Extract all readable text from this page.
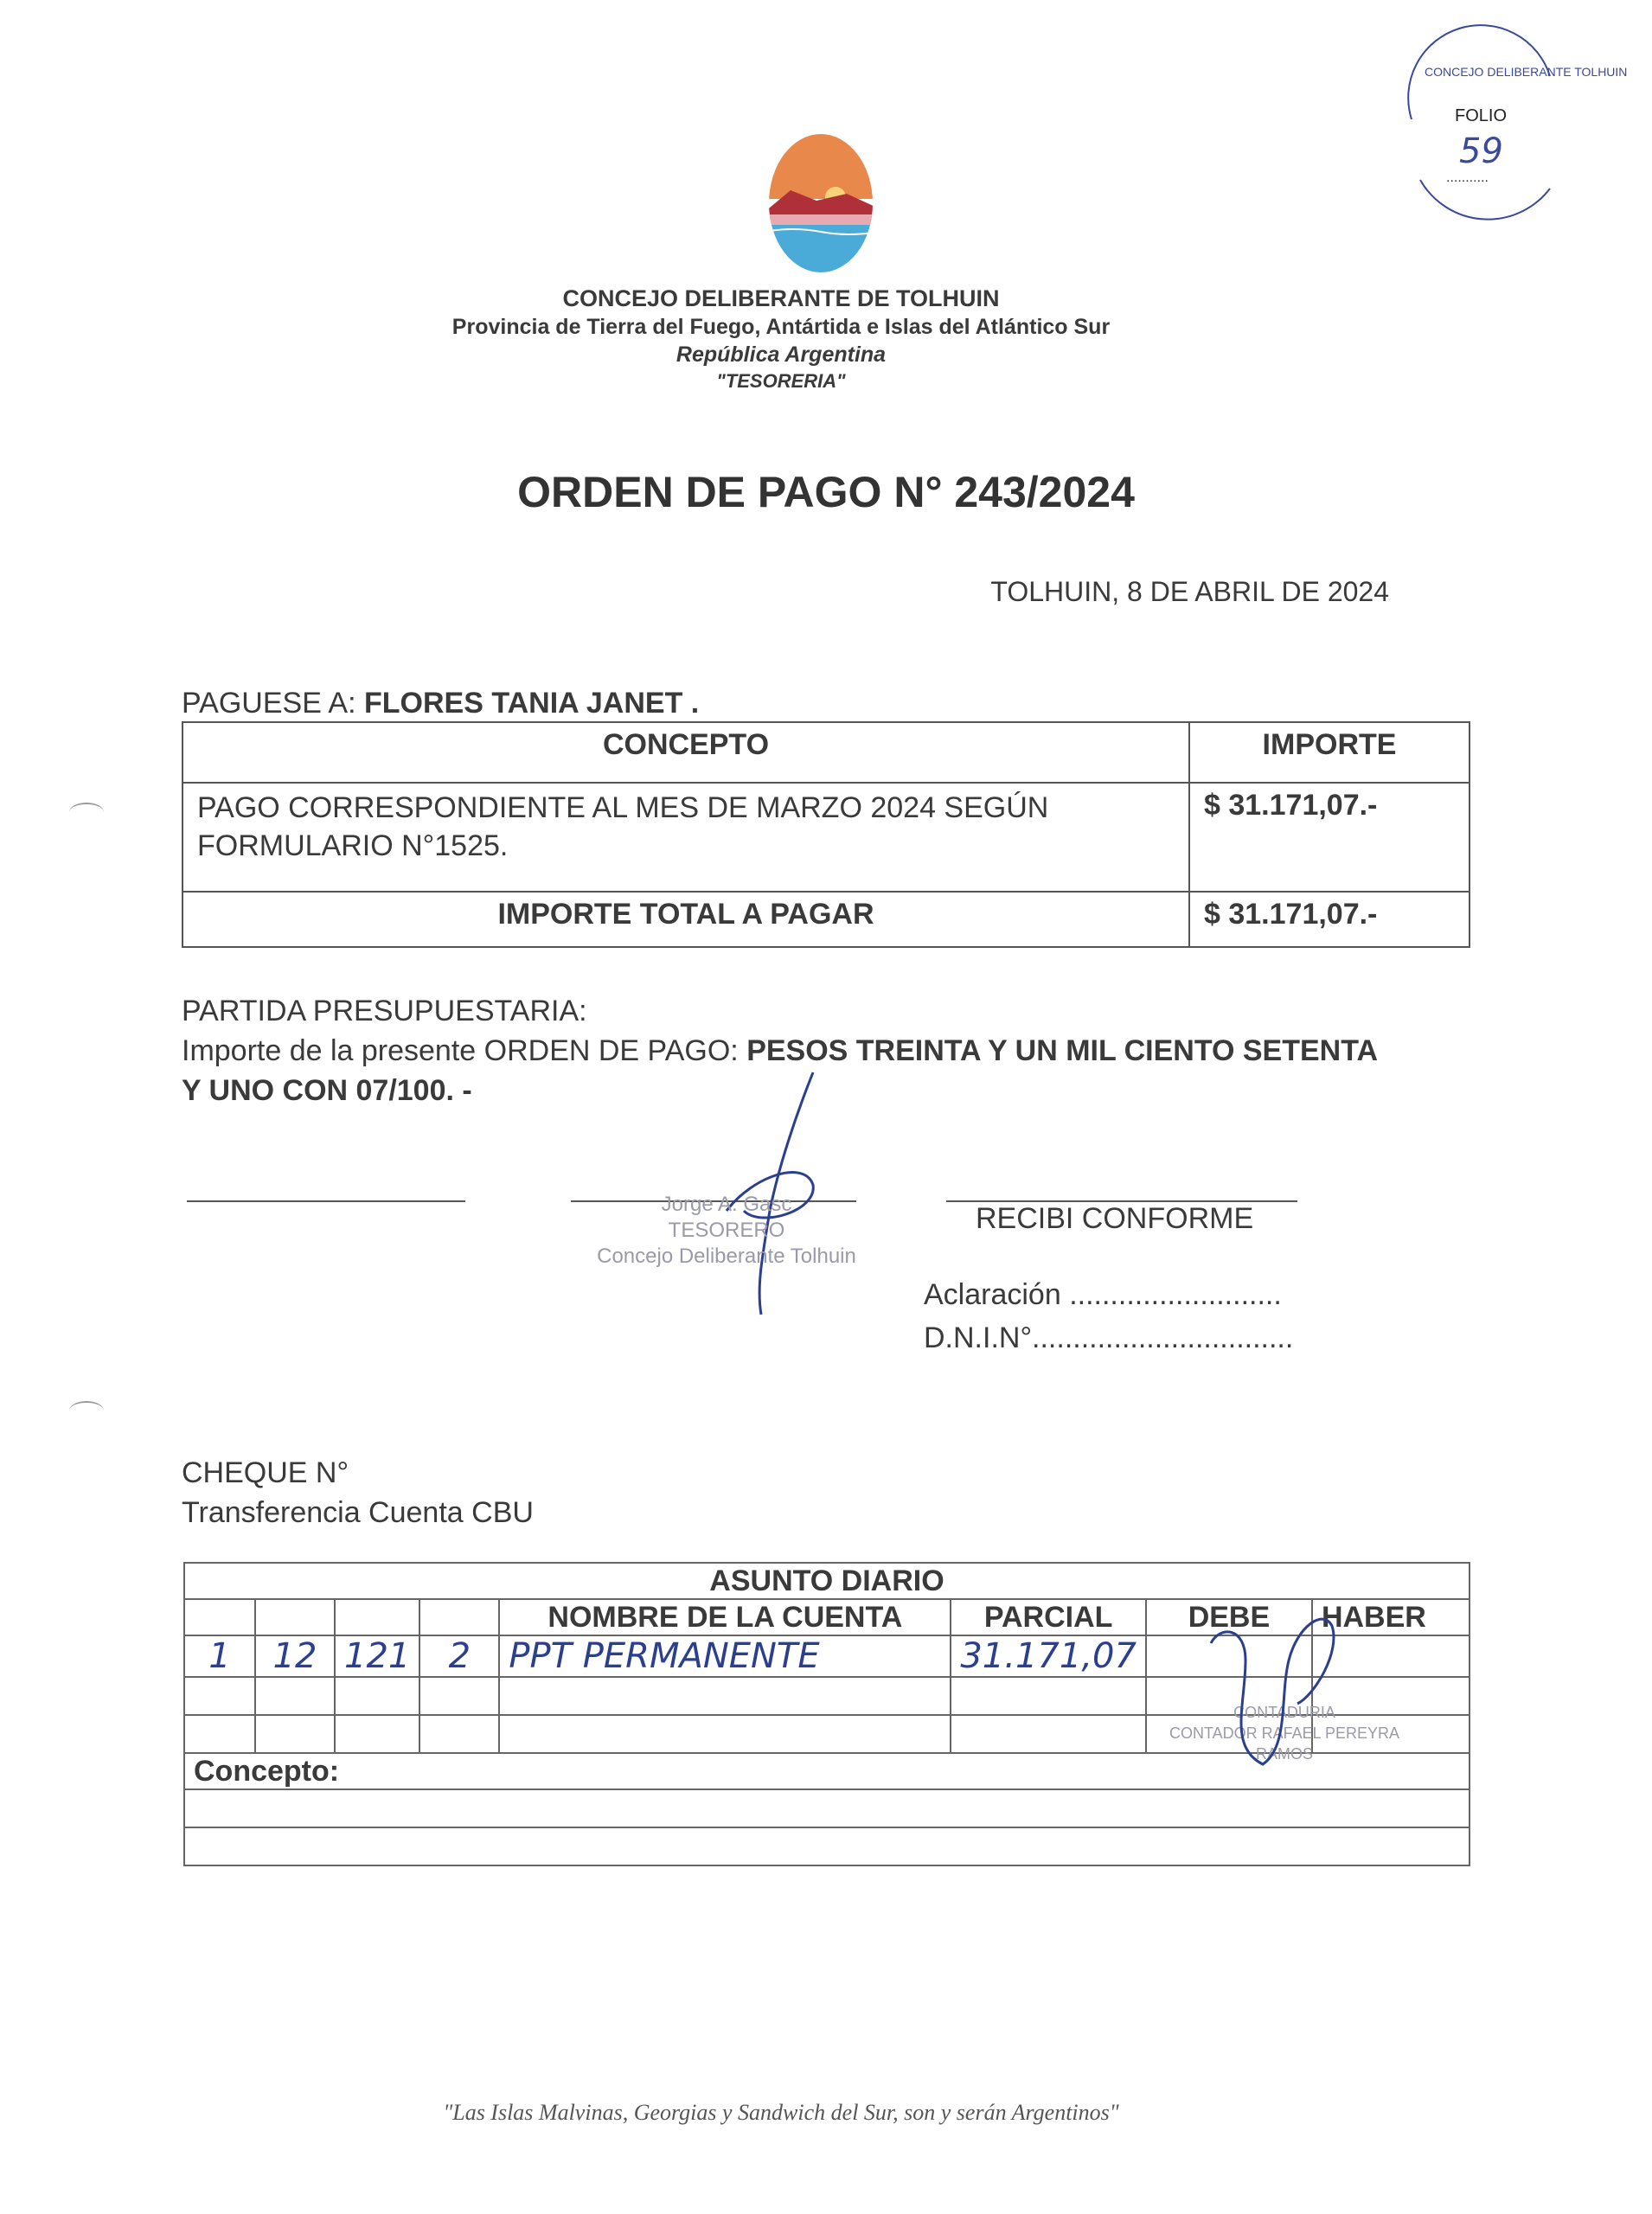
CONCEJO DELIBERANTE TOLHUIN
FOLIO
59
...........
CONCEJO DELIBERANTE DE TOLHUIN
Provincia de Tierra del Fuego, Antártida e Islas del Atlántico Sur
República Argentina
"TESORERIA"
ORDEN DE PAGO N° 243/2024
TOLHUIN, 8 DE ABRIL DE 2024
PAGUESE A: FLORES TANIA JANET .
CONCEPTO	IMPORTE
PAGO CORRESPONDIENTE AL MES DE MARZO 2024 SEGÚN FORMULARIO N°1525.	$ 31.171,07.-
IMPORTE TOTAL A PAGAR	$ 31.171,07.-
PARTIDA PRESUPUESTARIA:
Importe de la presente ORDEN DE PAGO: PESOS TREINTA Y UN MIL CIENTO SETENTA Y UNO CON 07/100. -
Jorge A. Gasc
TESORERO
Concejo Deliberante Tolhuin
RECIBI CONFORME
Aclaración ..........................
D.N.I.N°................................
CHEQUE N°
Transferencia Cuenta CBU
ASUNTO DIARIO							
				NOMBRE DE LA CUENTA	PARCIAL	DEBE	HABER
1	12	121	2	PPT PERMANENTE	31.171,07		

Concepto:							

CONTADURIA
CONTADOR RAFAEL PEREYRA RAMOS
"Las Islas Malvinas, Georgias y Sandwich del Sur, son y serán Argentinos"
